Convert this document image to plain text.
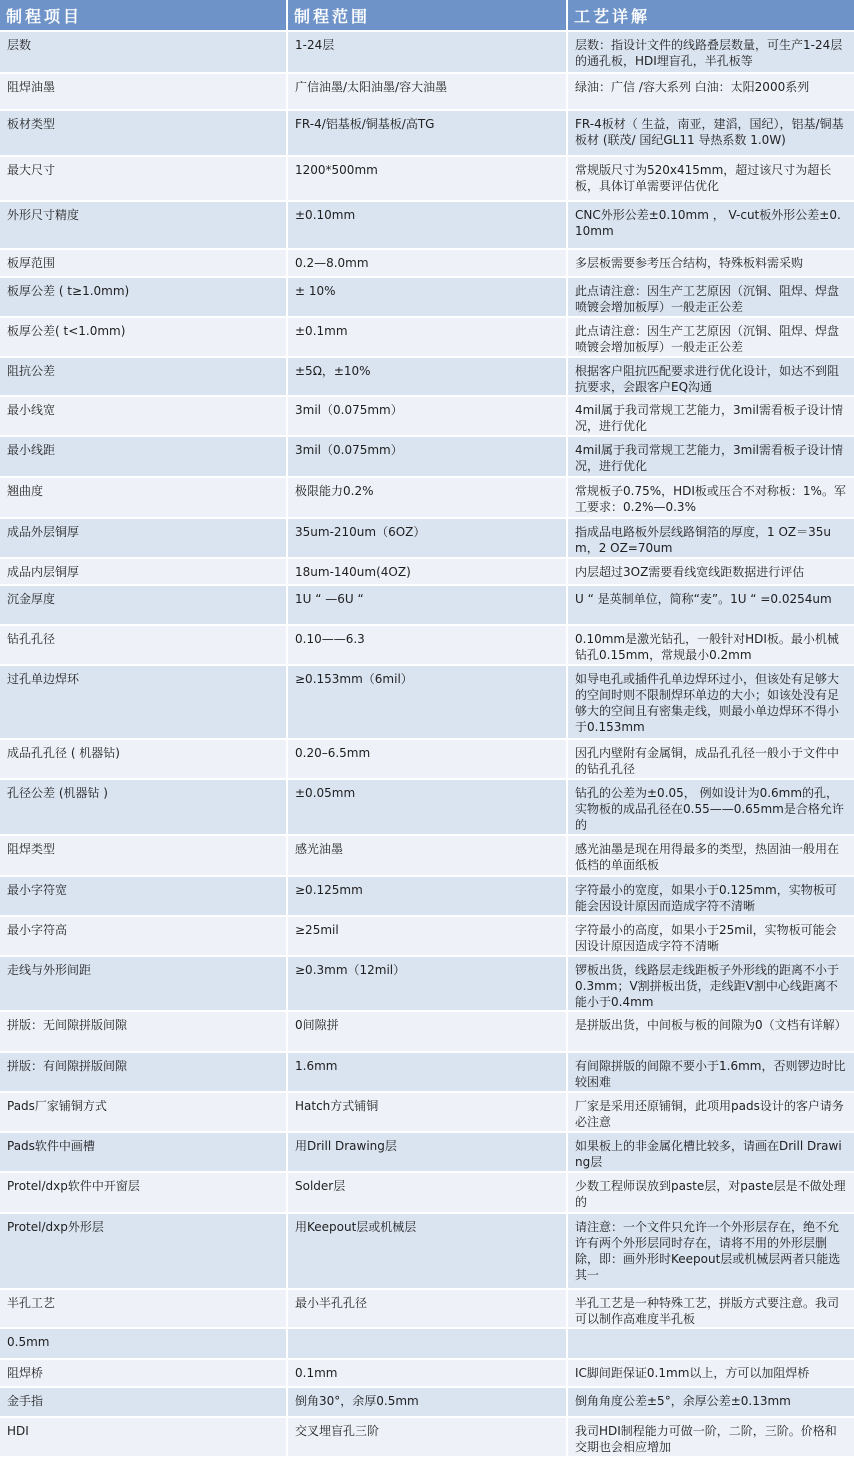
制程项目	制程范围	工艺详解
层数	1-24层	层数：指设计文件的线路叠层数量，可生产1-24层的通孔板，HDI埋盲孔，半孔板等
阻焊油墨	广信油墨/太阳油墨/容大油墨	绿油：广信 /容大系列 白油：太阳2000系列
板材类型	FR-4/铝基板/铜基板/高TG	FR-4板材（ 生益，南亚，建滔，国纪），铝基/铜基板材 (联茂/ 国纪GL11 导热系数 1.0W)
最大尺寸	1200*500mm	常规版尺寸为520x415mm，超过该尺寸为超长板，具体订单需要评估优化
外形尺寸精度	±0.10mm	CNC外形公差±0.10mm ， V-cut板外形公差±0.10mm
板厚范围	0.2—8.0mm	多层板需要参考压合结构，特殊板料需采购
板厚公差 ( t≥1.0mm)	± 10%	此点请注意：因生产工艺原因（沉铜、阻焊、焊盘喷镀会增加板厚）一般走正公差
板厚公差( t<1.0mm)	±0.1mm	此点请注意：因生产工艺原因（沉铜、阻焊、焊盘喷镀会增加板厚）一般走正公差
阻抗公差	±5Ω，±10%	根据客户阻抗匹配要求进行优化设计，如达不到阻抗要求，会跟客户EQ沟通
最小线宽	3mil（0.075mm）	4mil属于我司常规工艺能力，3mil需看板子设计情况，进行优化
最小线距	3mil（0.075mm）	4mil属于我司常规工艺能力，3mil需看板子设计情况，进行优化
翘曲度	极限能力0.2%	常规板子0.75%，HDI板或压合不对称板：1%。军工要求：0.2%—0.3%
成品外层铜厚	35um-210um（6OZ）	指成品电路板外层线路铜箔的厚度，1 OZ＝35um，2 OZ=70um
成品内层铜厚	18um-140um(4OZ)	内层超过3OZ需要看线宽线距数据进行评估
沉金厚度	1U “ —6U “	U “ 是英制单位，简称“麦”。1U “ =0.0254um
钻孔孔径	0.10——6.3	0.10mm是激光钻孔，一般针对HDI板。最小机械钻孔0.15mm，常规最小0.2mm
过孔单边焊环	≥0.153mm（6mil）	如导电孔或插件孔单边焊环过小，但该处有足够大的空间时则不限制焊环单边的大小；如该处没有足够大的空间且有密集走线，则最小单边焊环不得小于0.153mm
成品孔孔径 ( 机器钻)	0.20–6.5mm	因孔内壁附有金属铜，成品孔孔径一般小于文件中的钻孔孔径
孔径公差 (机器钻 )	±0.05mm	钻孔的公差为±0.05， 例如设计为0.6mm的孔，实物板的成品孔径在0.55——0.65mm是合格允许的
阻焊类型	感光油墨	感光油墨是现在用得最多的类型，热固油一般用在低档的单面纸板
最小字符宽	≥0.125mm	字符最小的宽度，如果小于0.125mm，实物板可能会因设计原因而造成字符不清晰
最小字符高	≥25mil	字符最小的高度，如果小于25mil，实物板可能会因设计原因造成字符不清晰
走线与外形间距	≥0.3mm（12mil）	锣板出货，线路层走线距板子外形线的距离不小于0.3mm；V割拼板出货，走线距V割中心线距离不能小于0.4mm
拼版：无间隙拼版间隙	0间隙拼	是拼版出货，中间板与板的间隙为0（文档有详解）
拼版：有间隙拼版间隙	1.6mm	有间隙拼版的间隙不要小于1.6mm，否则锣边时比较困难
Pads厂家铺铜方式	Hatch方式铺铜	厂家是采用还原铺铜，此项用pads设计的客户请务必注意
Pads软件中画槽	用Drill Drawing层	如果板上的非金属化槽比较多，请画在Drill Drawing层
Protel/dxp软件中开窗层	Solder层	少数工程师误放到paste层，对paste层是不做处理的
Protel/dxp外形层	用Keepout层或机械层	请注意：一个文件只允许一个外形层存在，绝不允许有两个外形层同时存在，请将不用的外形层删除，即：画外形时Keepout层或机械层两者只能选其一
半孔工艺	最小半孔孔径	半孔工艺是一种特殊工艺，拼版方式要注意。我司可以制作高难度半孔板
0.5mm		
阻焊桥	0.1mm	IC脚间距保证0.1mm以上，方可以加阻焊桥
金手指	倒角30°，余厚0.5mm	倒角角度公差±5°，余厚公差±0.13mm
HDI	交叉埋盲孔三阶	我司HDI制程能力可做一阶，二阶，三阶。价格和交期也会相应增加
